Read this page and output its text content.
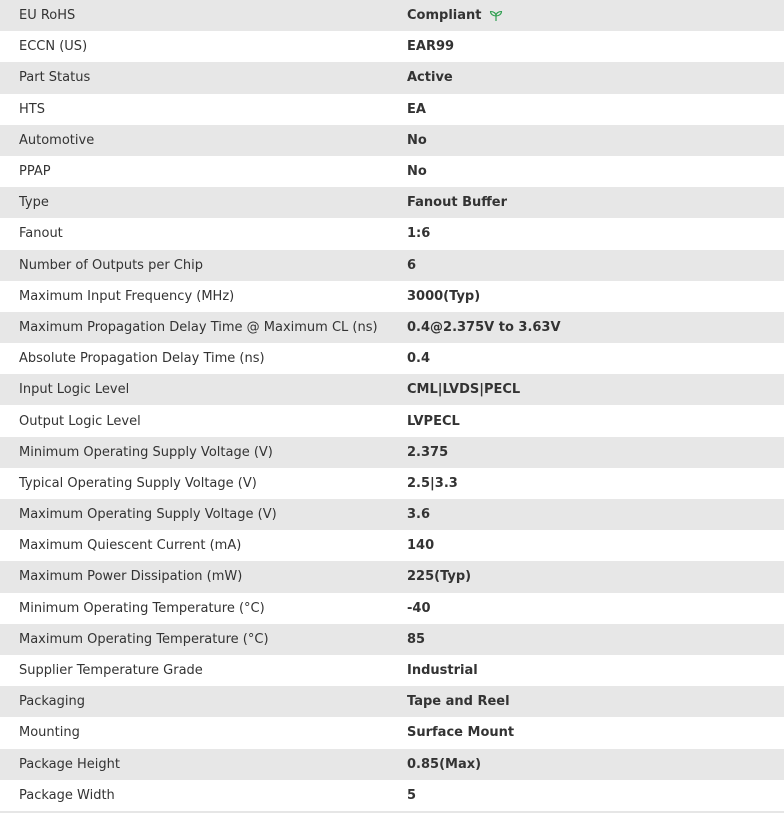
EU RoHS	Compliant
ECCN (US)	EAR99
Part Status	Active
HTS	EA
Automotive	No
PPAP	No
Type	Fanout Buffer
Fanout	1:6
Number of Outputs per Chip	6
Maximum Input Frequency (MHz)	3000(Typ)
Maximum Propagation Delay Time @ Maximum CL (ns)	0.4@2.375V to 3.63V
Absolute Propagation Delay Time (ns)	0.4
Input Logic Level	CML|LVDS|PECL
Output Logic Level	LVPECL
Minimum Operating Supply Voltage (V)	2.375
Typical Operating Supply Voltage (V)	2.5|3.3
Maximum Operating Supply Voltage (V)	3.6
Maximum Quiescent Current (mA)	140
Maximum Power Dissipation (mW)	225(Typ)
Minimum Operating Temperature (°C)	-40
Maximum Operating Temperature (°C)	85
Supplier Temperature Grade	Industrial
Packaging	Tape and Reel
Mounting	Surface Mount
Package Height	0.85(Max)
Package Width	5
